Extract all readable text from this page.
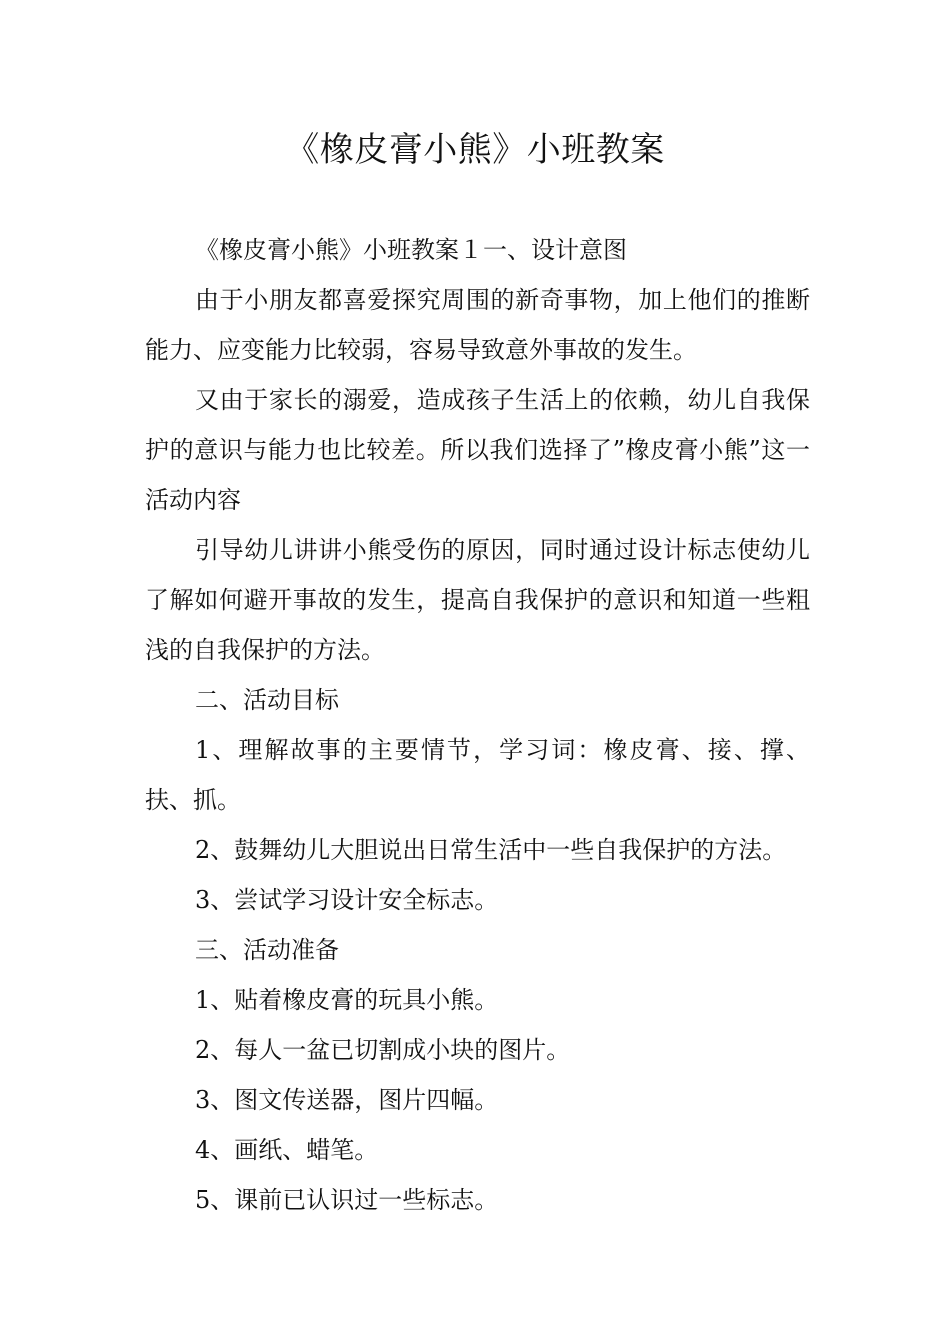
《橡皮膏小熊》小班教案

《橡皮膏小熊》小班教案１一、设计意图

由于小朋友都喜爱探究周围的新奇事物，加上他们的推断能力、应变能力比较弱，容易导致意外事故的发生。

又由于家长的溺爱，造成孩子生活上的依赖，幼儿自我保护的意识与能力也比较差。所以我们选择了”橡皮膏小熊”这一活动内容

引导幼儿讲讲小熊受伤的原因，同时通过设计标志使幼儿了解如何避开事故的发生，提高自我保护的意识和知道一些粗浅的自我保护的方法。

二、活动目标

1、理解故事的主要情节，学习词：橡皮膏、接、撑、扶、抓。

2、鼓舞幼儿大胆说出日常生活中一些自我保护的方法。

3、尝试学习设计安全标志。

三、活动准备

1、贴着橡皮膏的玩具小熊。

2、每人一盆已切割成小块的图片。

3、图文传送器，图片四幅。

4、画纸、蜡笔。

5、课前已认识过一些标志。
